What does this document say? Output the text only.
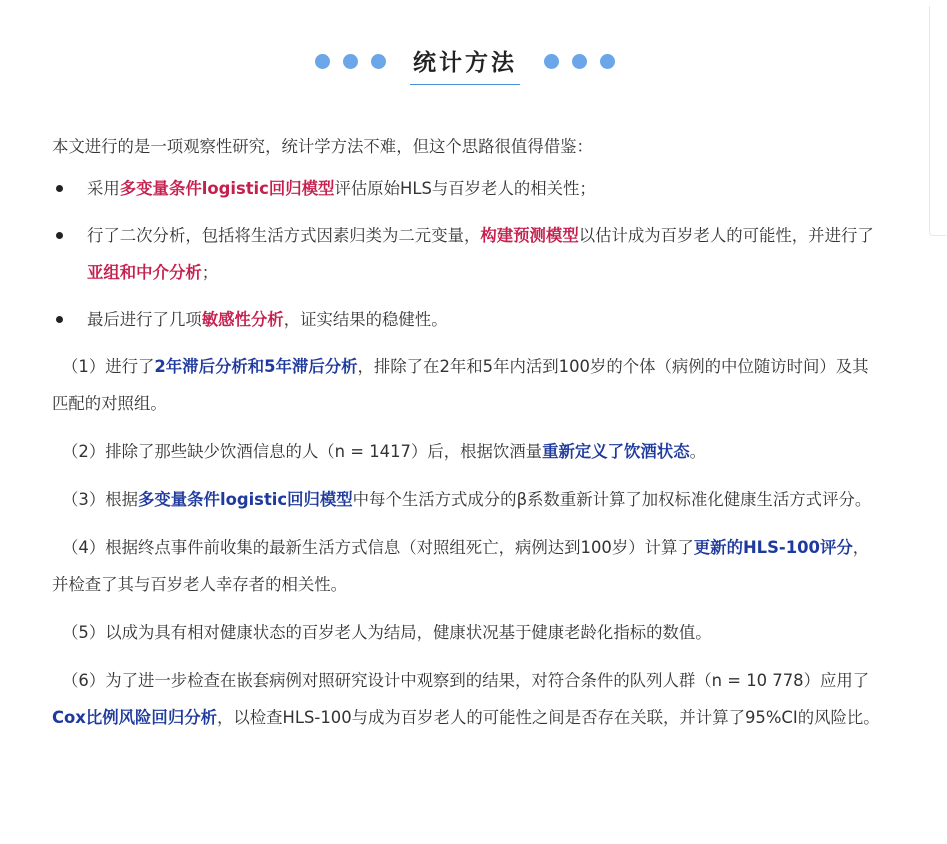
统计方法

本文进行的是一项观察性研究，统计学方法不难，但这个思路很值得借鉴：

采用多变量条件logistic回归模型评估原始HLS与百岁老人的相关性；
行了二次分析，包括将生活方式因素归类为二元变量，构建预测模型以估计成为百岁老人的可能性，并进行了亚组和中介分析；
最后进行了几项敏感性分析，证实结果的稳健性。

（1）进行了2年滞后分析和5年滞后分析，排除了在2年和5年内活到100岁的个体（病例的中位随访时间）及其匹配的对照组。

（2）排除了那些缺少饮酒信息的人（n = 1417）后，根据饮酒量重新定义了饮酒状态。

（3）根据多变量条件logistic回归模型中每个生活方式成分的β系数重新计算了加权标准化健康生活方式评分。

（4）根据终点事件前收集的最新生活方式信息（对照组死亡，病例达到100岁）计算了更新的HLS-100评分，并检查了其与百岁老人幸存者的相关性。

（5）以成为具有相对健康状态的百岁老人为结局，健康状况基于健康老龄化指标的数值。

（6）为了进一步检查在嵌套病例对照研究设计中观察到的结果，对符合条件的队列人群（n = 10 778）应用了Cox比例风险回归分析，以检查HLS-100与成为百岁老人的可能性之间是否存在关联，并计算了95%CI的风险比。
